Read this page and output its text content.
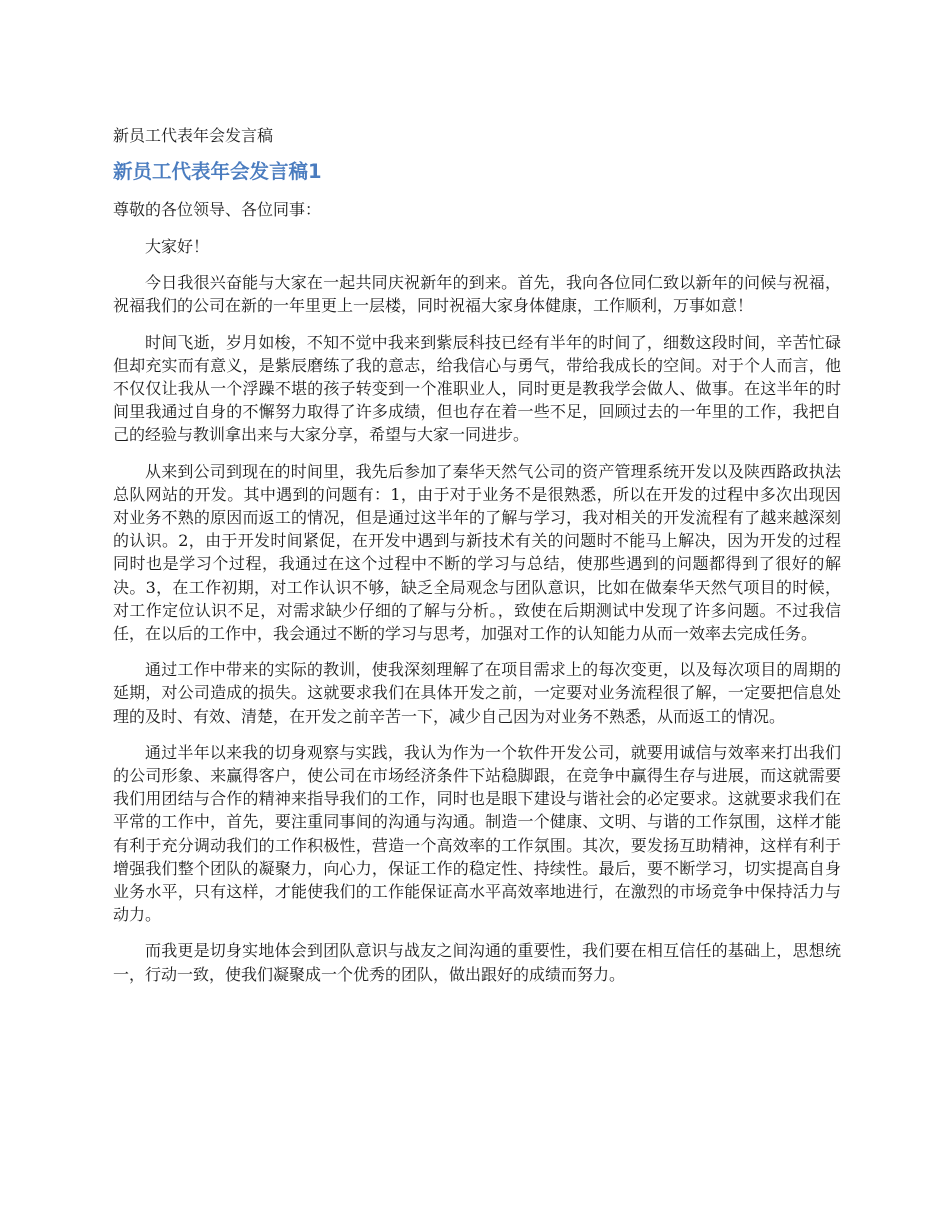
新员工代表年会发言稿
新员工代表年会发言稿1
尊敬的各位领导、各位同事：

大家好！

今日我很兴奋能与大家在一起共同庆祝新年的到来。首先，我向各位同仁致以新年的问候与祝福，祝福我们的公司在新的一年里更上一层楼，同时祝福大家身体健康，工作顺利，万事如意！

时间飞逝，岁月如梭，不知不觉中我来到紫辰科技已经有半年的时间了，细数这段时间，辛苦忙碌但却充实而有意义，是紫辰磨练了我的意志，给我信心与勇气，带给我成长的空间。对于个人而言，他不仅仅让我从一个浮躁不堪的孩子转变到一个准职业人，同时更是教我学会做人、做事。在这半年的时间里我通过自身的不懈努力取得了许多成绩，但也存在着一些不足，回顾过去的一年里的工作，我把自己的经验与教训拿出来与大家分享，希望与大家一同进步。

从来到公司到现在的时间里，我先后参加了秦华天然气公司的资产管理系统开发以及陕西路政执法总队网站的开发。其中遇到的问题有：1，由于对于业务不是很熟悉，所以在开发的过程中多次出现因对业务不熟的原因而返工的情况，但是通过这半年的了解与学习，我对相关的开发流程有了越来越深刻的认识。2，由于开发时间紧促，在开发中遇到与新技术有关的问题时不能马上解决，因为开发的过程同时也是学习个过程，我通过在这个过程中不断的学习与总结，使那些遇到的问题都得到了很好的解决。3，在工作初期，对工作认识不够，缺乏全局观念与团队意识，比如在做秦华天然气项目的时候，对工作定位认识不足，对需求缺少仔细的了解与分析。，致使在后期测试中发现了许多问题。不过我信任，在以后的工作中，我会通过不断的学习与思考，加强对工作的认知能力从而一效率去完成任务。

通过工作中带来的实际的教训，使我深刻理解了在项目需求上的每次变更，以及每次项目的周期的延期，对公司造成的损失。这就要求我们在具体开发之前，一定要对业务流程很了解，一定要把信息处理的及时、有效、清楚，在开发之前辛苦一下，减少自己因为对业务不熟悉，从而返工的情况。

通过半年以来我的切身观察与实践，我认为作为一个软件开发公司，就要用诚信与效率来打出我们的公司形象、来赢得客户，使公司在市场经济条件下站稳脚跟，在竞争中赢得生存与进展，而这就需要我们用团结与合作的精神来指导我们的工作，同时也是眼下建设与谐社会的必定要求。这就要求我们在平常的工作中，首先，要注重同事间的沟通与沟通。制造一个健康、文明、与谐的工作氛围，这样才能有利于充分调动我们的工作积极性，营造一个高效率的工作氛围。其次，要发扬互助精神，这样有利于增强我们整个团队的凝聚力，向心力，保证工作的稳定性、持续性。最后，要不断学习，切实提高自身业务水平，只有这样，才能使我们的工作能保证高水平高效率地进行，在激烈的市场竞争中保持活力与动力。

而我更是切身实地体会到团队意识与战友之间沟通的重要性，我们要在相互信任的基础上，思想统一，行动一致，使我们凝聚成一个优秀的团队，做出跟好的成绩而努力。
